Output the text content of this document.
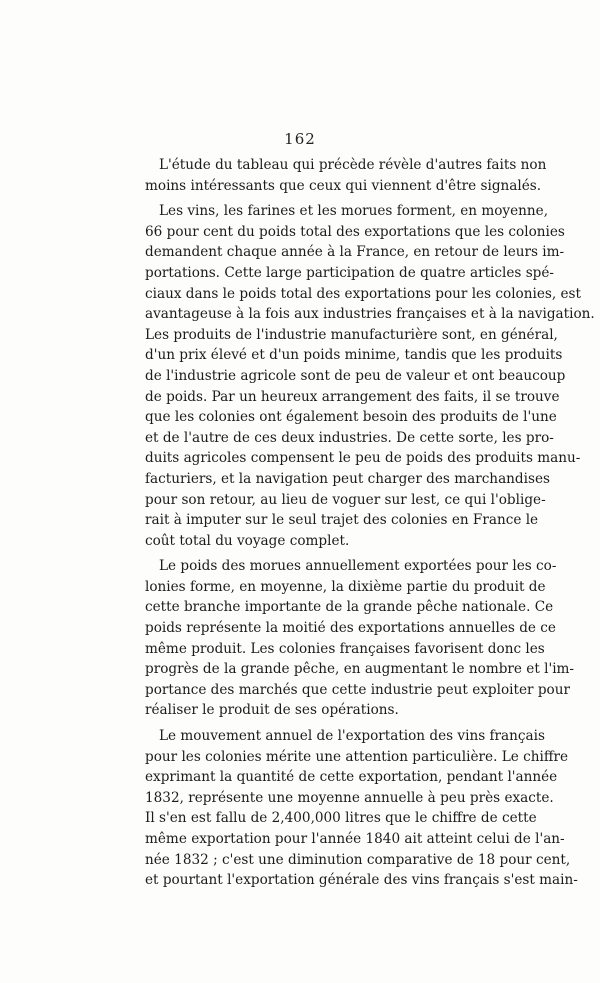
162

L'étude du tableau qui précède révèle d'autres faits non
moins intéressants que ceux qui viennent d'être signalés.

Les vins, les farines et les morues forment, en moyenne,
66 pour cent du poids total des exportations que les colonies
demandent chaque année à la France, en retour de leurs im-
portations. Cette large participation de quatre articles spé-
ciaux dans le poids total des exportations pour les colonies, est
avantageuse à la fois aux industries françaises et à la navigation.
Les produits de l'industrie manufacturière sont, en général,
d'un prix élevé et d'un poids minime, tandis que les produits
de l'industrie agricole sont de peu de valeur et ont beaucoup
de poids. Par un heureux arrangement des faits, il se trouve
que les colonies ont également besoin des produits de l'une
et de l'autre de ces deux industries. De cette sorte, les pro-
duits agricoles compensent le peu de poids des produits manu-
facturiers, et la navigation peut charger des marchandises
pour son retour, au lieu de voguer sur lest, ce qui l'oblige-
rait à imputer sur le seul trajet des colonies en France le
coût total du voyage complet.

Le poids des morues annuellement exportées pour les co-
lonies forme, en moyenne, la dixième partie du produit de
cette branche importante de la grande pêche nationale. Ce
poids représente la moitié des exportations annuelles de ce
même produit. Les colonies françaises favorisent donc les
progrès de la grande pêche, en augmentant le nombre et l'im-
portance des marchés que cette industrie peut exploiter pour
réaliser le produit de ses opérations.

Le mouvement annuel de l'exportation des vins français
pour les colonies mérite une attention particulière. Le chiffre
exprimant la quantité de cette exportation, pendant l'année
1832, représente une moyenne annuelle à peu près exacte.
Il s'en est fallu de 2,400,000 litres que le chiffre de cette
même exportation pour l'année 1840 ait atteint celui de l'an-
née 1832 ; c'est une diminution comparative de 18 pour cent,
et pourtant l'exportation générale des vins français s'est main-
